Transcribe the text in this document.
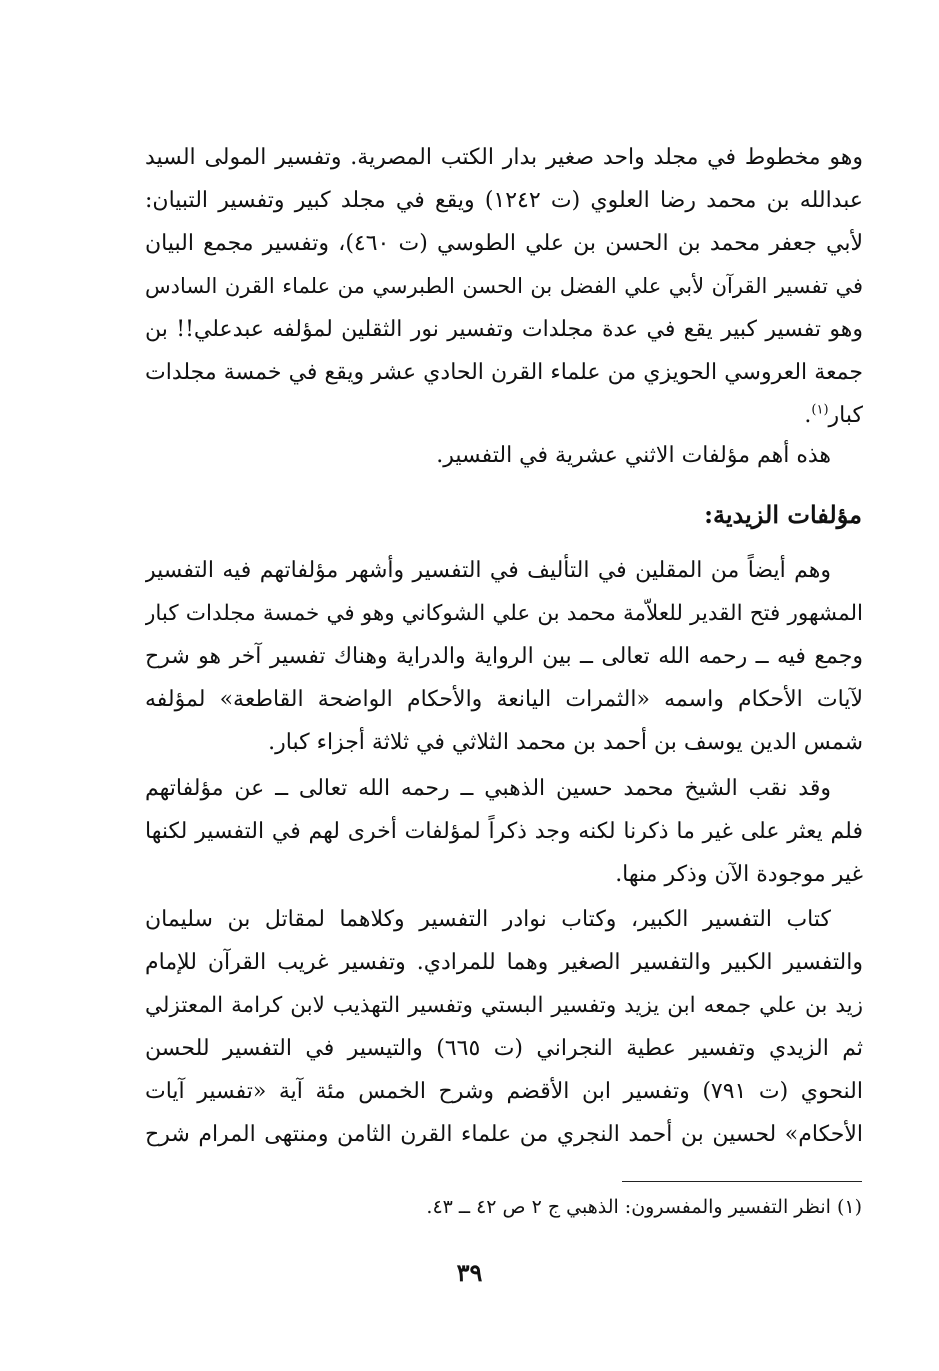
وهو مخطوط في مجلد واحد صغير بدار الكتب المصرية. وتفسير المولى السيد
عبدالله بن محمد رضا العلوي (ت ١٢٤٢) ويقع في مجلد كبير وتفسير التبيان:
لأبي جعفر محمد بن الحسن بن علي الطوسي (ت ٤٦٠)، وتفسير مجمع البيان
في تفسير القرآن لأبي علي الفضل بن الحسن الطبرسي من علماء القرن السادس
وهو تفسير كبير يقع في عدة مجلدات وتفسير نور الثقلين لمؤلفه عبدعلي!! بن
جمعة العروسي الحويزي من علماء القرن الحادي عشر ويقع في خمسة مجلدات
كبار$^{(١)}$.
هذه أهم مؤلفات الاثني عشرية في التفسير.
مؤلفات الزيدية:
وهم أيضاً من المقلين في التأليف في التفسير وأشهر مؤلفاتهم فيه التفسير
المشهور فتح القدير للعلاّمة محمد بن علي الشوكاني وهو في خمسة مجلدات كبار
وجمع فيه ــ رحمه الله تعالى ــ بين الرواية والدراية وهناك تفسير آخر هو شرح
لآيات الأحكام واسمه «الثمرات اليانعة والأحكام الواضحة القاطعة» لمؤلفه
شمس الدين يوسف بن أحمد بن محمد الثلاثي في ثلاثة أجزاء كبار.
وقد نقب الشيخ محمد حسين الذهبي ــ رحمه الله تعالى ــ عن مؤلفاتهم
فلم يعثر على غير ما ذكرنا لكنه وجد ذكراً لمؤلفات أخرى لهم في التفسير لكنها
غير موجودة الآن وذكر منها.
كتاب التفسير الكبير، وكتاب نوادر التفسير وكلاهما لمقاتل بن سليمان
والتفسير الكبير والتفسير الصغير وهما للمرادي. وتفسير غريب القرآن للإمام
زيد بن علي جمعه ابن يزيد وتفسير البستي وتفسير التهذيب لابن كرامة المعتزلي
ثم الزيدي وتفسير عطية النجراني (ت ٦٦٥) والتيسير في التفسير للحسن
النحوي (ت ٧٩١) وتفسير ابن الأقضم وشرح الخمس مئة آية «تفسير آيات
الأحكام» لحسين بن أحمد النجري من علماء القرن الثامن ومنتهى المرام شرح
(١) انظر التفسير والمفسرون: الذهبي ج ٢ ص ٤٢ ــ ٤٣.
٣٩
